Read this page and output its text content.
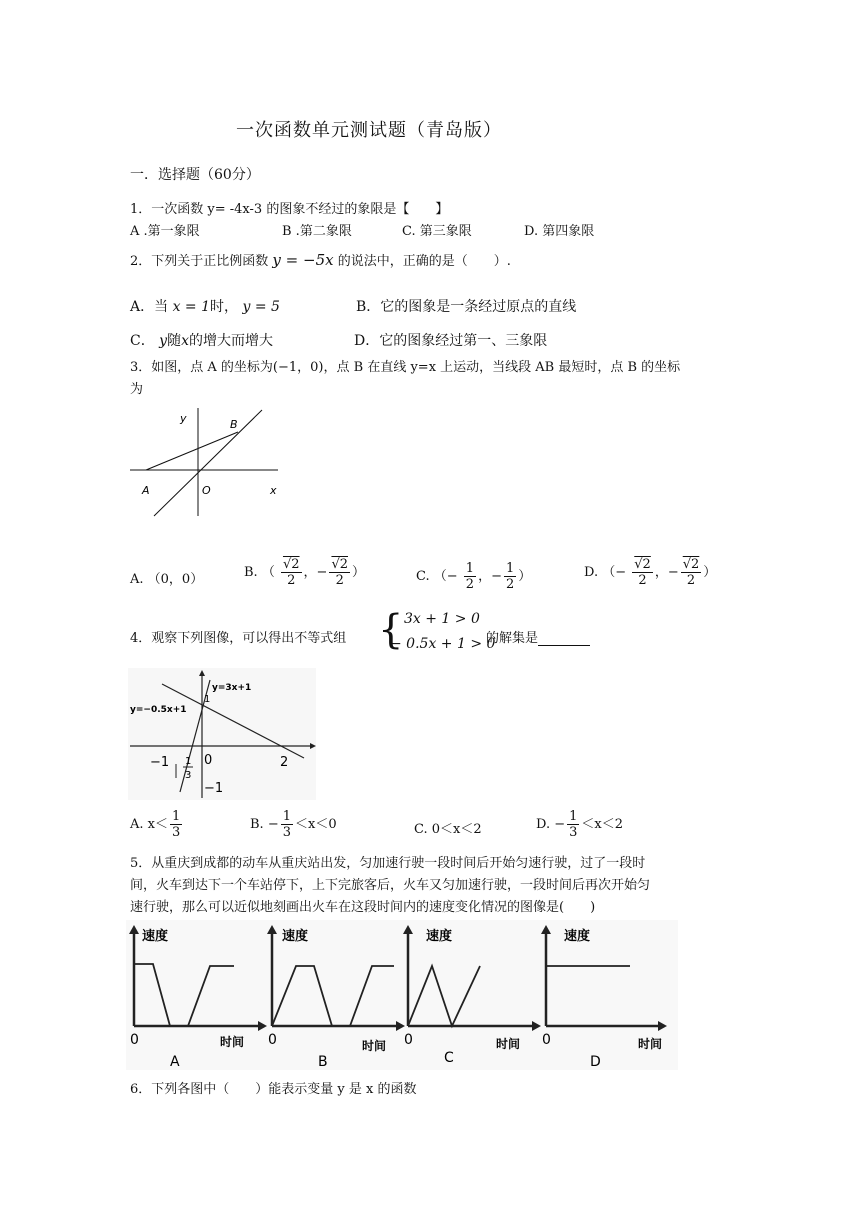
一次函数单元测试题（青岛版）
一．选择题（60分）
1．一次函数 y= -4x-3 的图象不经过的象限是【　　】
A .第一象限	B .第二象限	C. 第三象限	D. 第四象限
2．下列关于正比例函数 y = −5x 的说法中，正确的是（　　）.
A．当 x = 1时， y = 5	B．它的图象是一条经过原点的直线
C． y随x的增大而增大	D．它的图象经过第一、三象限
3．如图，点 A 的坐标为(−1，0)，点 B 在直线 y=x 上运动，当线段 AB 最短时，点 B 的坐标
为
y	B
A	O	x
A. （0，0）	B. （ $\frac{√2}{2}$ ，− $\frac{√2}{2}$ ）	C. （− $\frac{1}{2}$ ，− $\frac{1}{2}$ ）	D. （− $\frac{√2}{2}$ ，− $\frac{√2}{2}$ ）
4．观察下列图像，可以得出不等式组 { 3x + 1 > 0
− 0.5x + 1 > 0
的解集是
y=3x+1
y=−0.5x+1
1
−1	0	2
−1
1
3
A. $x< \frac{1}{3}$	B. − $\frac{1}{3} <x<0$	C. 0＜x＜2	D. − $\frac{1}{3} <x<2$
5．从重庆到成都的动车从重庆站出发，匀加速行驶一段时间后开始匀速行驶，过了一段时
间，火车到达下一个车站停下，上下完旅客后，火车又匀加速行驶，一段时间后再次开始匀
速行驶，那么可以近似地刻画出火车在这段时间内的速度变化情况的图像是(　　)
速度
0	时间
A
速度
0	时间
B
速度
0	时间
C
速度
0	时间
D
6．下列各图中（　　）能表示变量 y 是 x 的函数
